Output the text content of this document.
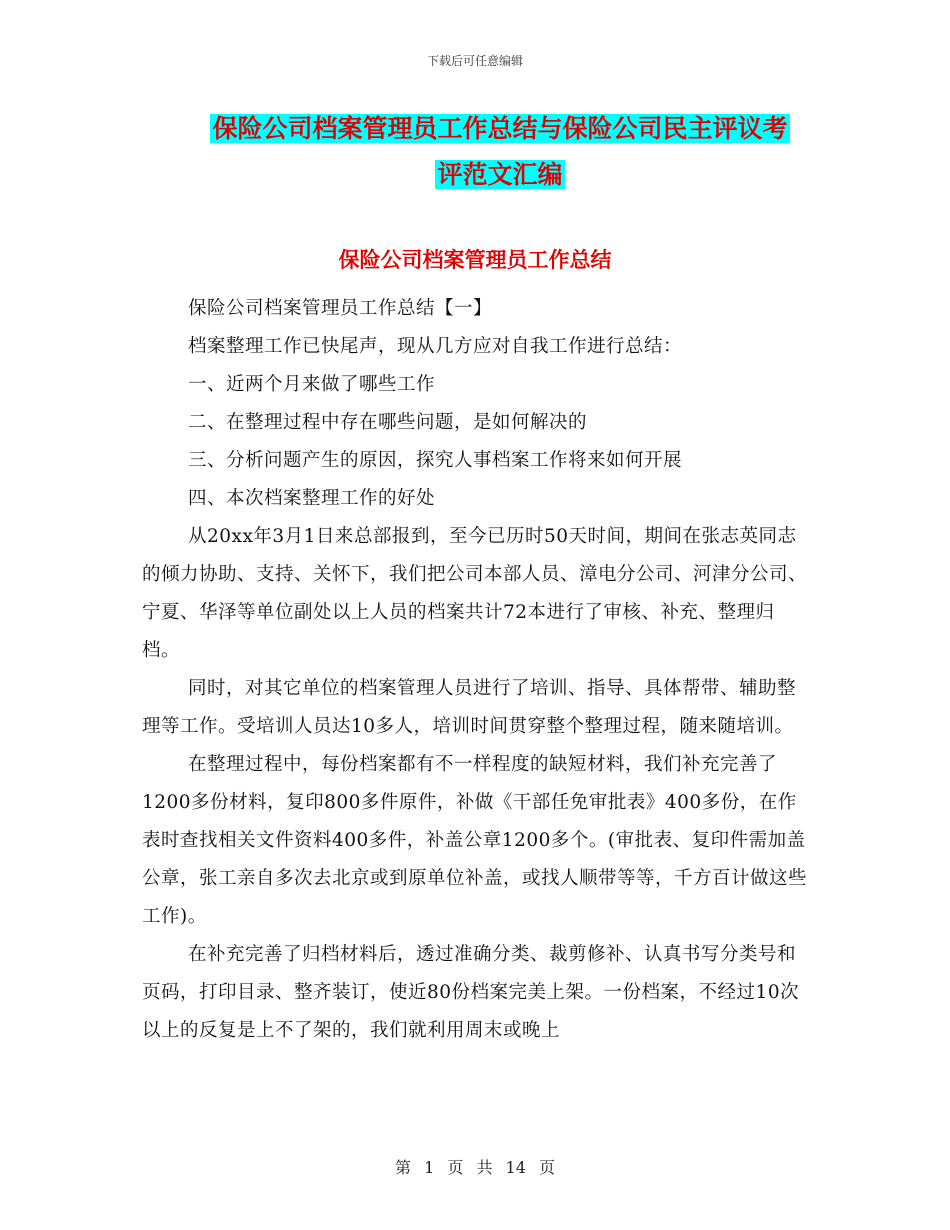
下载后可任意编辑
保险公司档案管理员工作总结与保险公司民主评议考
评范文汇编
保险公司档案管理员工作总结

保险公司档案管理员工作总结【一】

档案整理工作已快尾声，现从几方应对自我工作进行总结：

一、近两个月来做了哪些工作

二、在整理过程中存在哪些问题，是如何解决的

三、分析问题产生的原因，探究人事档案工作将来如何开展

四、本次档案整理工作的好处

从20xx年3月1日来总部报到，至今已历时50天时间，期间在张志英同志的倾力协助、支持、关怀下，我们把公司本部人员、漳电分公司、河津分公司、宁夏、华泽等单位副处以上人员的档案共计72本进行了审核、补充、整理归档。

同时，对其它单位的档案管理人员进行了培训、指导、具体帮带、辅助整理等工作。受培训人员达10多人，培训时间贯穿整个整理过程，随来随培训。

在整理过程中，每份档案都有不一样程度的缺短材料，我们补充完善了1200多份材料，复印800多件原件，补做《干部任免审批表》400多份，在作表时查找相关文件资料400多件，补盖公章1200多个。(审批表、复印件需加盖公章，张工亲自多次去北京或到原单位补盖，或找人顺带等等，千方百计做这些工作)。

在补充完善了归档材料后，透过准确分类、裁剪修补、认真书写分类号和页码，打印目录、整齐装订，使近80份档案完美上架。一份档案，不经过10次以上的反复是上不了架的，我们就利用周末或晚上

第 1 页 共 14 页
